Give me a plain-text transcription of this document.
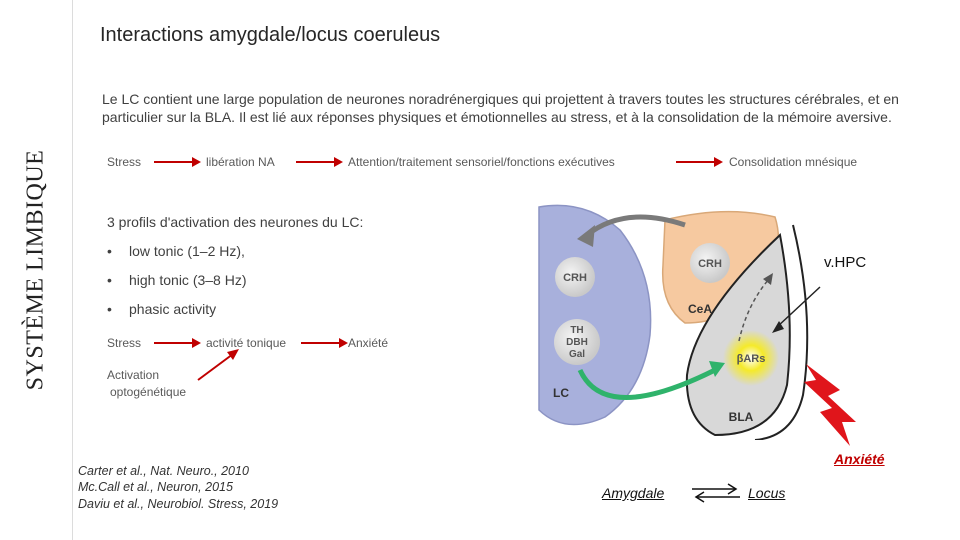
SYSTÈME LIMBIQUE
Interactions amygdale/locus coeruleus
Le LC contient une large population de neurones noradrénergiques qui projettent à travers toutes les structures cérébrales, et en particulier sur la BLA. Il est lié aux réponses physiques et émotionnelles au stress, et à la consolidation de la mémoire aversive.
Stress	libération NA	Attention/traitement sensoriel/fonctions exécutives	Consolidation mnésique
CRH
CRH
CeA
TH
DBH
Gal
LC
βARs
BLA
v.HPC
Anxiété
3 profils d'activation des neurones du LC:
• low tonic (1–2 Hz),
• high tonic (3–8 Hz)
• phasic activity
Stress	activité tonique	Anxiété
Activation
optogénétique
Carter et al., Nat. Neuro., 2010
Mc.Call et al., Neuron, 2015
Daviu et al., Neurobiol. Stress, 2019
Amygdale	Locus
